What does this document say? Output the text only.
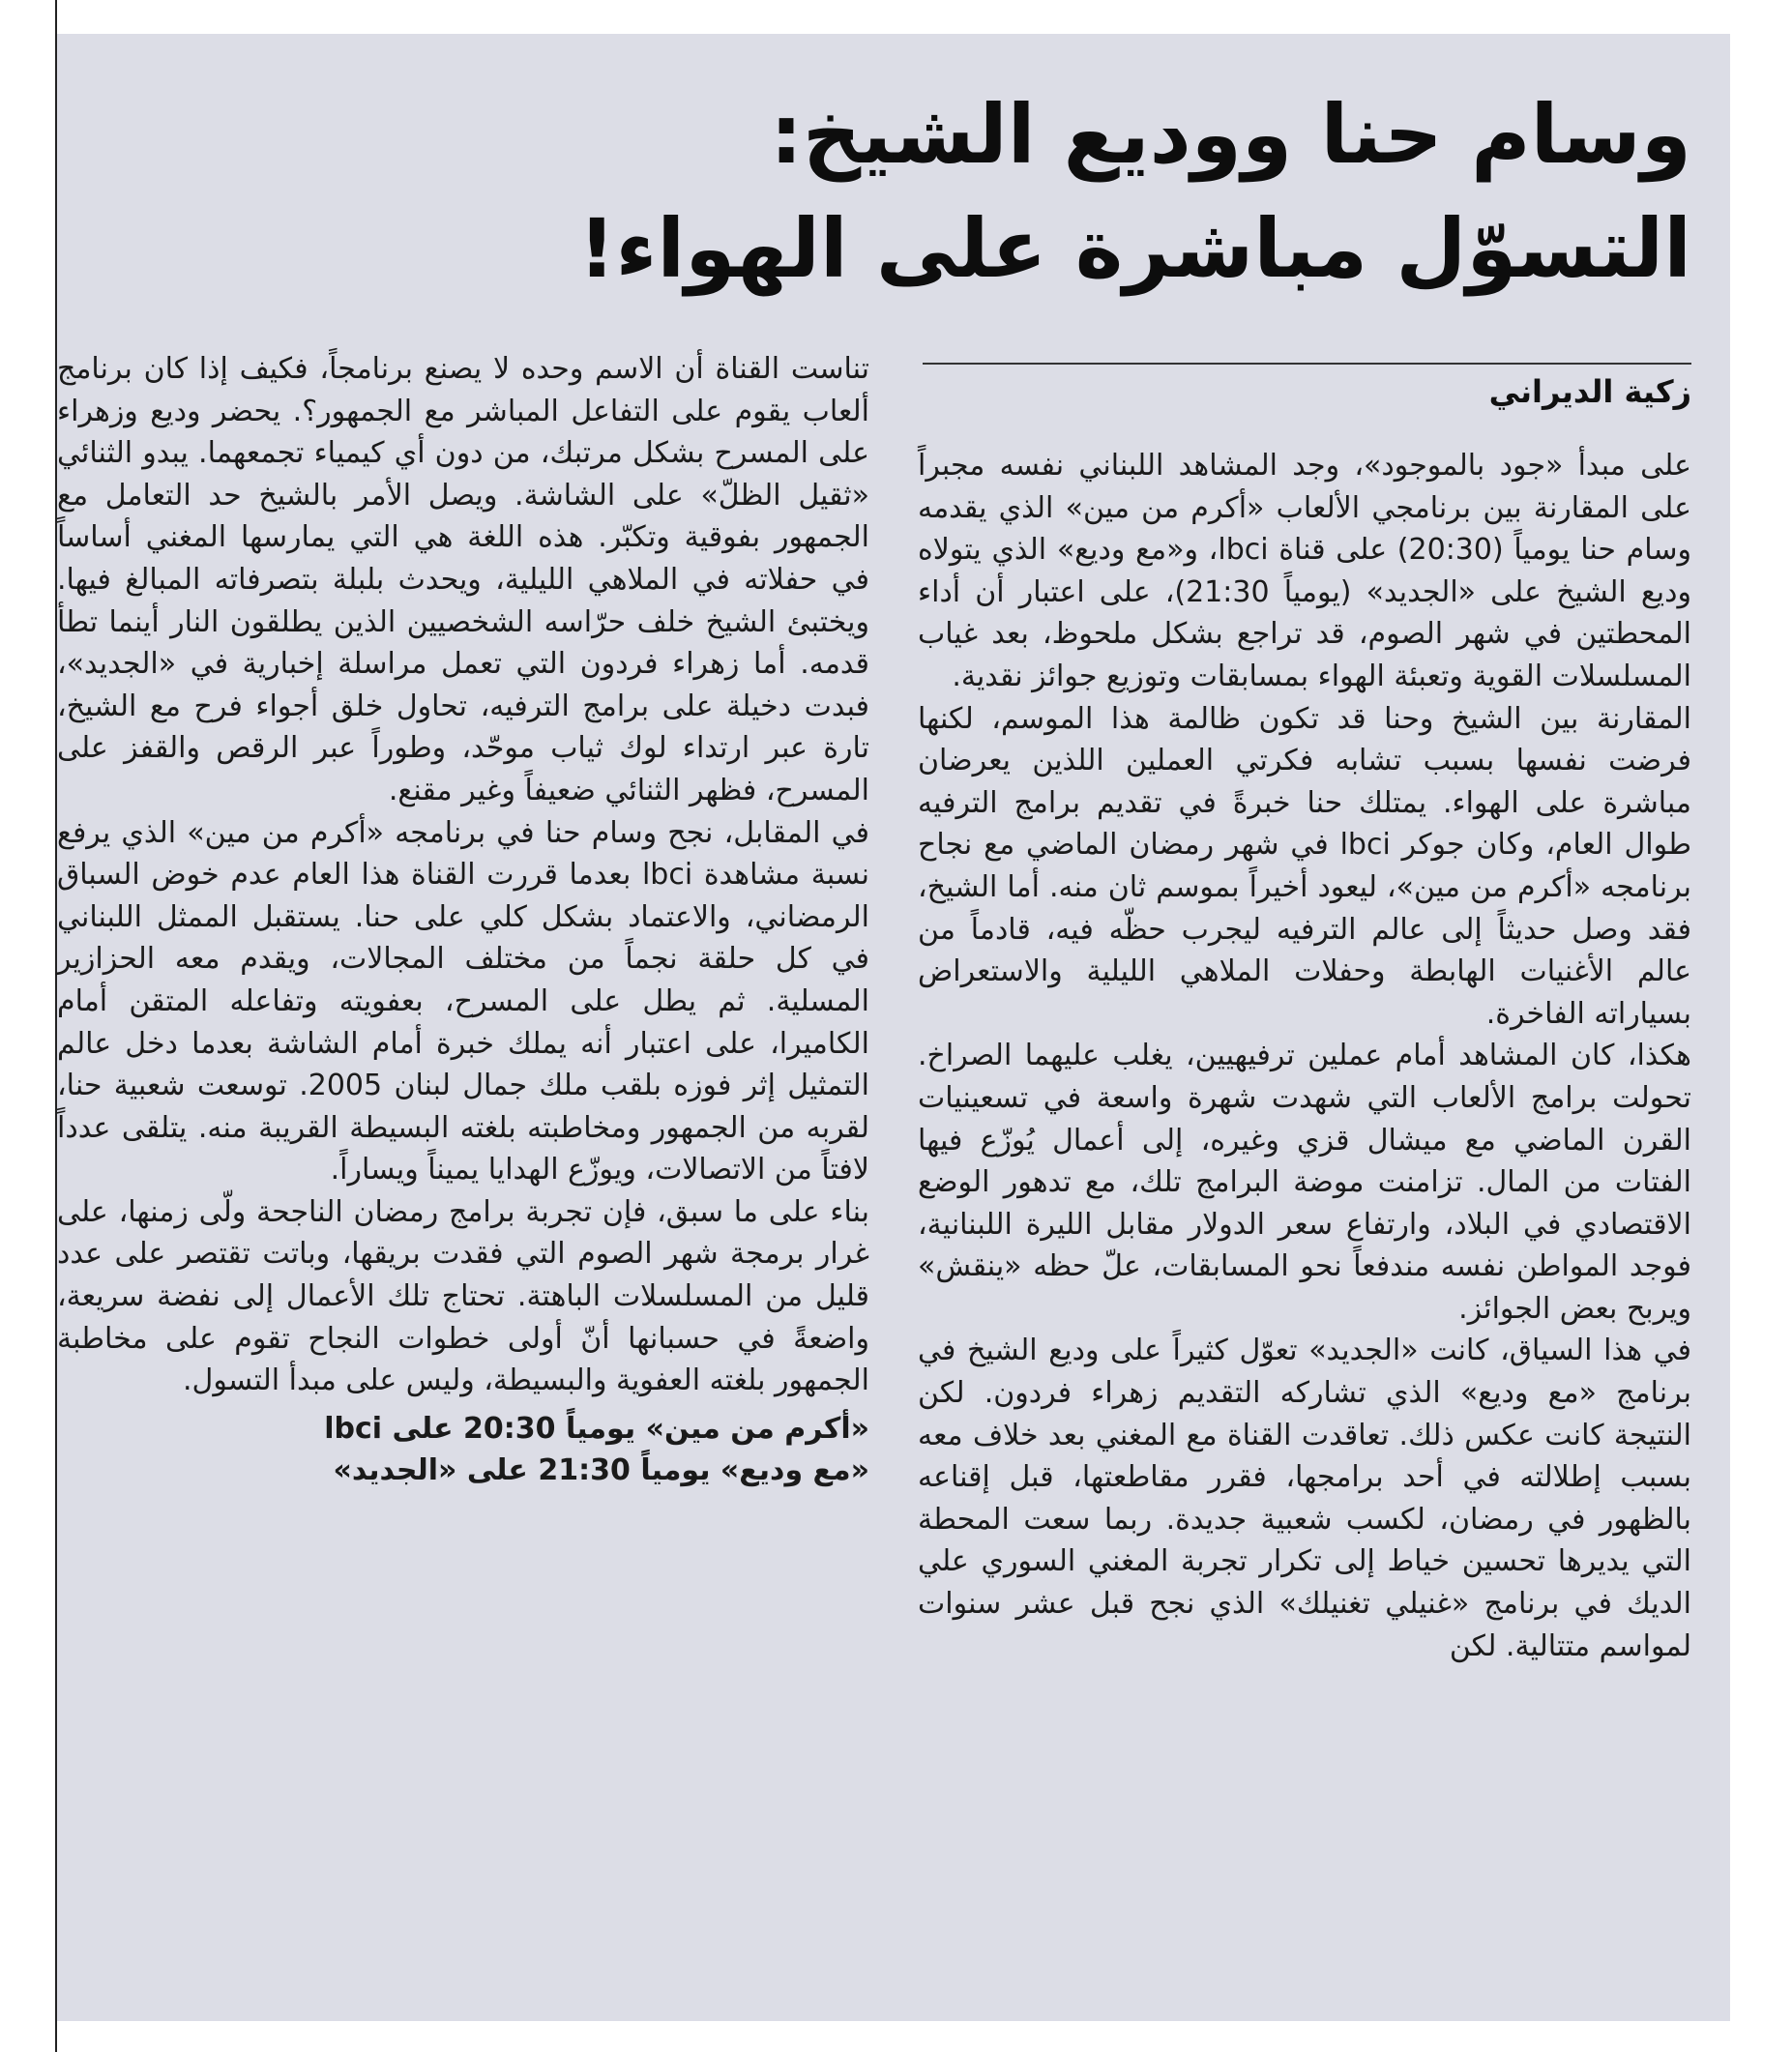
وسام حنا ووديع الشيخ:
التسوّل مباشرة على الهواء!
زكية الديراني

على مبدأ «جود بالموجود»، وجد المشاهد اللبناني نفسه مجبراً على المقارنة بين برنامجي الألعاب «أكرم من مين» الذي يقدمه وسام حنا يومياً (20:30) على قناة lbci، و«مع وديع» الذي يتولاه وديع الشيخ على «الجديد» (يومياً 21:30)، على اعتبار أن أداء المحطتين في شهر الصوم، قد تراجع بشكل ملحوظ، بعد غياب المسلسلات القوية وتعبئة الهواء بمسابقات وتوزيع جوائز نقدية.

المقارنة بين الشيخ وحنا قد تكون ظالمة هذا الموسم، لكنها فرضت نفسها بسبب تشابه فكرتي العملين اللذين يعرضان مباشرة على الهواء. يمتلك حنا خبرةً في تقديم برامج الترفيه طوال العام، وكان جوكر lbci في شهر رمضان الماضي مع نجاح برنامجه «أكرم من مين»، ليعود أخيراً بموسم ثان منه. أما الشيخ، فقد وصل حديثاً إلى عالم الترفيه ليجرب حظّه فيه، قادماً من عالم الأغنيات الهابطة وحفلات الملاهي الليلية والاستعراض بسياراته الفاخرة.

هكذا، كان المشاهد أمام عملين ترفيهيين، يغلب عليهما الصراخ. تحولت برامج الألعاب التي شهدت شهرة واسعة في تسعينيات القرن الماضي مع ميشال قزي وغيره، إلى أعمال يُوزّع فيها الفتات من المال. تزامنت موضة البرامج تلك، مع تدهور الوضع الاقتصادي في البلاد، وارتفاع سعر الدولار مقابل الليرة اللبنانية، فوجد المواطن نفسه مندفعاً نحو المسابقات، علّ حظه «ينقش» ويربح بعض الجوائز.

في هذا السياق، كانت «الجديد» تعوّل كثيراً على وديع الشيخ في برنامج «مع وديع» الذي تشاركه التقديم زهراء فردون. لكن النتيجة كانت عكس ذلك. تعاقدت القناة مع المغني بعد خلاف معه بسبب إطلالته في أحد برامجها، فقرر مقاطعتها، قبل إقناعه بالظهور في رمضان، لكسب شعبية جديدة. ربما سعت المحطة التي يديرها تحسين خياط إلى تكرار تجربة المغني السوري علي الديك في برنامج «غنيلي تغنيلك» الذي نجح قبل عشر سنوات لمواسم متتالية. لكن

تناست القناة أن الاسم وحده لا يصنع برنامجاً، فكيف إذا كان برنامج ألعاب يقوم على التفاعل المباشر مع الجمهور؟. يحضر وديع وزهراء على المسرح بشكل مرتبك، من دون أي كيمياء تجمعهما. يبدو الثنائي «ثقيل الظلّ» على الشاشة. ويصل الأمر بالشيخ حد التعامل مع الجمهور بفوقية وتكبّر. هذه اللغة هي التي يمارسها المغني أساساً في حفلاته في الملاهي الليلية، ويحدث بلبلة بتصرفاته المبالغ فيها. ويختبئ الشيخ خلف حرّاسه الشخصيين الذين يطلقون النار أينما تطأ قدمه. أما زهراء فردون التي تعمل مراسلة إخبارية في «الجديد»، فبدت دخيلة على برامج الترفيه، تحاول خلق أجواء فرح مع الشيخ، تارة عبر ارتداء لوك ثياب موحّد، وطوراً عبر الرقص والقفز على المسرح، فظهر الثنائي ضعيفاً وغير مقنع.

في المقابل، نجح وسام حنا في برنامجه «أكرم من مين» الذي يرفع نسبة مشاهدة lbci بعدما قررت القناة هذا العام عدم خوض السباق الرمضاني، والاعتماد بشكل كلي على حنا. يستقبل الممثل اللبناني في كل حلقة نجماً من مختلف المجالات، ويقدم معه الحزازير المسلية. ثم يطل على المسرح، بعفويته وتفاعله المتقن أمام الكاميرا، على اعتبار أنه يملك خبرة أمام الشاشة بعدما دخل عالم التمثيل إثر فوزه بلقب ملك جمال لبنان 2005. توسعت شعبية حنا، لقربه من الجمهور ومخاطبته بلغته البسيطة القريبة منه. يتلقى عدداً لافتاً من الاتصالات، ويوزّع الهدايا يميناً ويساراً.

بناء على ما سبق، فإن تجربة برامج رمضان الناجحة ولّى زمنها، على غرار برمجة شهر الصوم التي فقدت بريقها، وباتت تقتصر على عدد قليل من المسلسلات الباهتة. تحتاج تلك الأعمال إلى نفضة سريعة، واضعةً في حسبانها أنّ أولى خطوات النجاح تقوم على مخاطبة الجمهور بلغته العفوية والبسيطة، وليس على مبدأ التسول.

«أكرم من مين» يومياً 20:30 على lbci
«مع وديع» يومياً 21:30 على «الجديد»
